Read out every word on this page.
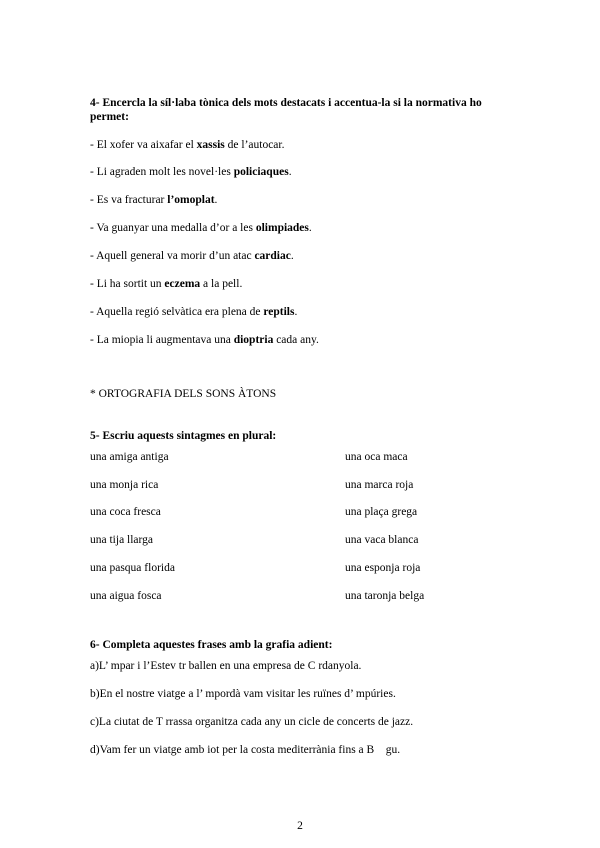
4- Encercla la síl·laba tònica dels mots destacats i accentua-la si la normativa ho permet:
- El xofer va aixafar el xassis de l’autocar.
- Li agraden molt les novel·les policiaques.
- Es va fracturar l’omoplat.
- Va guanyar una medalla d’or a les olimpiades.
- Aquell general va morir d’un atac cardiac.
- Li ha sortit un eczema a la pell.
- Aquella regió selvàtica era plena de reptils.
- La miopia li augmentava una dioptria cada any.
* ORTOGRAFIA DELS SONS ÀTONS
5- Escriu aquests sintagmes en plural:
una amiga antiga
una monja rica
una coca fresca
una tija llarga
una pasqua florida
una aigua fosca
una oca maca
una marca roja
una plaça grega
una vaca blanca
una esponja roja
una taronja belga
6- Completa aquestes frases amb la grafia adient:
a)L’ mpar i l’Estev tr ballen en una empresa de C rdanyola.
b)En el nostre viatge a l’ mpordà vam visitar les ruïnes d’ mpúries.
c)La ciutat de T rrassa organitza cada any un cicle de concerts de jazz.
d)Vam fer un viatge amb iot per la costa mediterrània fins a B    gu.
2
